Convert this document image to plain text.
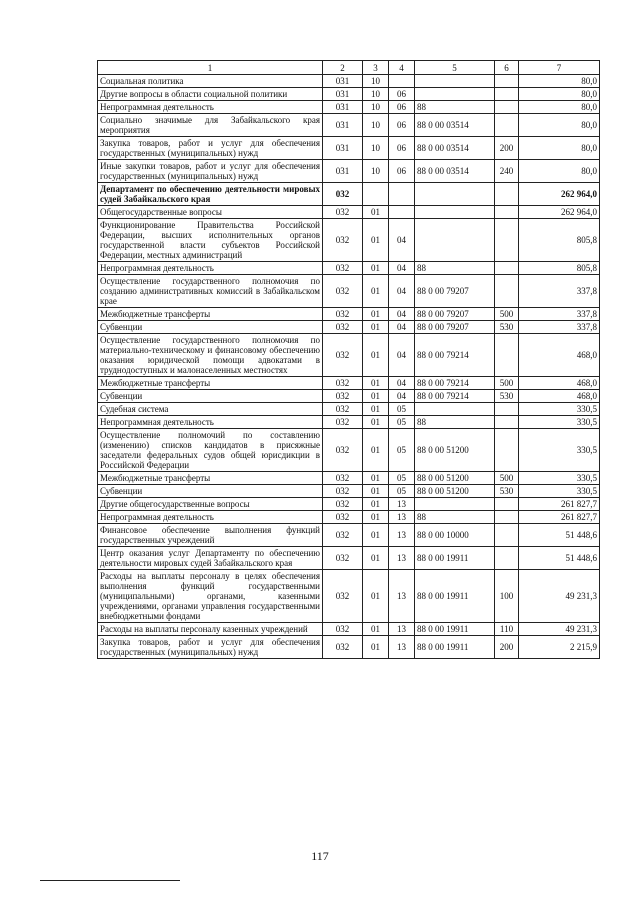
1	2	3	4	5	6	7
Социальная политика	031	10				80,0
Другие вопросы в области социальной политики	031	10	06			80,0
Непрограммная деятельность	031	10	06	88		80,0
Социально значимые для Забайкальского края мероприятия	031	10	06	88 0 00 03514		80,0
Закупка товаров, работ и услуг для обеспечения государственных (муниципальных) нужд	031	10	06	88 0 00 03514	200	80,0
Иные закупки товаров, работ и услуг для обеспечения государственных (муниципальных) нужд	031	10	06	88 0 00 03514	240	80,0
Департамент по обеспечению деятельности мировых судей Забайкальского края	032					262 964,0
Общегосударственные вопросы	032	01				262 964,0
Функционирование Правительства Российской Федерации, высших исполнительных органов государственной власти субъектов Российской Федерации, местных администраций	032	01	04			805,8
Непрограммная деятельность	032	01	04	88		805,8
Осуществление государственного полномочия по созданию административных комиссий в Забайкальском крае	032	01	04	88 0 00 79207		337,8
Межбюджетные трансферты	032	01	04	88 0 00 79207	500	337,8
Субвенции	032	01	04	88 0 00 79207	530	337,8
Осуществление государственного полномочия по материально-техническому и финансовому обеспечению оказания юридической помощи адвокатами в труднодоступных и малонаселенных местностях	032	01	04	88 0 00 79214		468,0
Межбюджетные трансферты	032	01	04	88 0 00 79214	500	468,0
Субвенции	032	01	04	88 0 00 79214	530	468,0
Судебная система	032	01	05			330,5
Непрограммная деятельность	032	01	05	88		330,5
Осуществление полномочий по составлению (изменению) списков кандидатов в присяжные заседатели федеральных судов общей юрисдикции в Российской Федерации	032	01	05	88 0 00 51200		330,5
Межбюджетные трансферты	032	01	05	88 0 00 51200	500	330,5
Субвенции	032	01	05	88 0 00 51200	530	330,5
Другие общегосударственные вопросы	032	01	13			261 827,7
Непрограммная деятельность	032	01	13	88		261 827,7
Финансовое обеспечение выполнения функций государственных учреждений	032	01	13	88 0 00 10000		51 448,6
Центр оказания услуг Департаменту по обеспечению деятельности мировых судей Забайкальского края	032	01	13	88 0 00 19911		51 448,6
Расходы на выплаты персоналу в целях обеспечения выполнения функций государственными (муниципальными) органами, казенными учреждениями, органами управления государственными внебюджетными фондами	032	01	13	88 0 00 19911	100	49 231,3
Расходы на выплаты персоналу казенных учреждений	032	01	13	88 0 00 19911	110	49 231,3
Закупка товаров, работ и услуг для обеспечения государственных (муниципальных) нужд	032	01	13	88 0 00 19911	200	2 215,9
117
